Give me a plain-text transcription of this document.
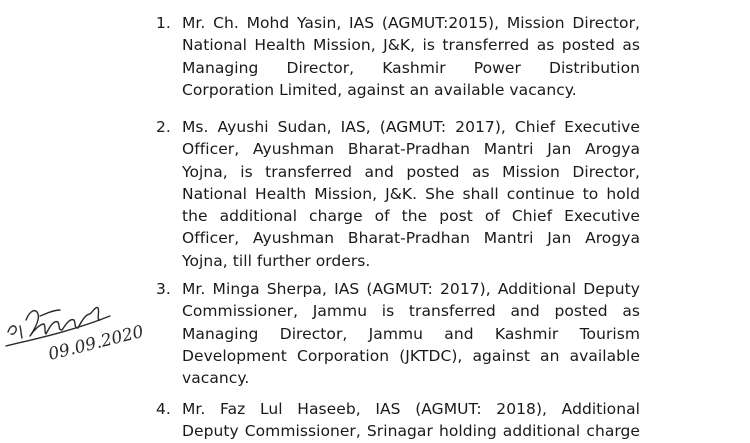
1. Mr. Ch. Mohd Yasin, IAS (AGMUT:2015), Mission Director,
National Health Mission, J&K, is transferred as posted as
Managing Director, Kashmir Power Distribution
Corporation Limited, against an available vacancy.
2. Ms. Ayushi Sudan, IAS, (AGMUT: 2017), Chief Executive
Officer, Ayushman Bharat-Pradhan Mantri Jan Arogya
Yojna, is transferred and posted as Mission Director,
National Health Mission, J&K. She shall continue to hold
the additional charge of the post of Chief Executive
Officer, Ayushman Bharat-Pradhan Mantri Jan Arogya
Yojna, till further orders.
3. Mr. Minga Sherpa, IAS (AGMUT: 2017), Additional Deputy
Commissioner, Jammu is transferred and posted as
Managing Director, Jammu and Kashmir Tourism
Development Corporation (JKTDC), against an available
vacancy.
4. Mr. Faz Lul Haseeb, IAS (AGMUT: 2018), Additional
Deputy Commissioner, Srinagar holding additional charge
09.09.2020
